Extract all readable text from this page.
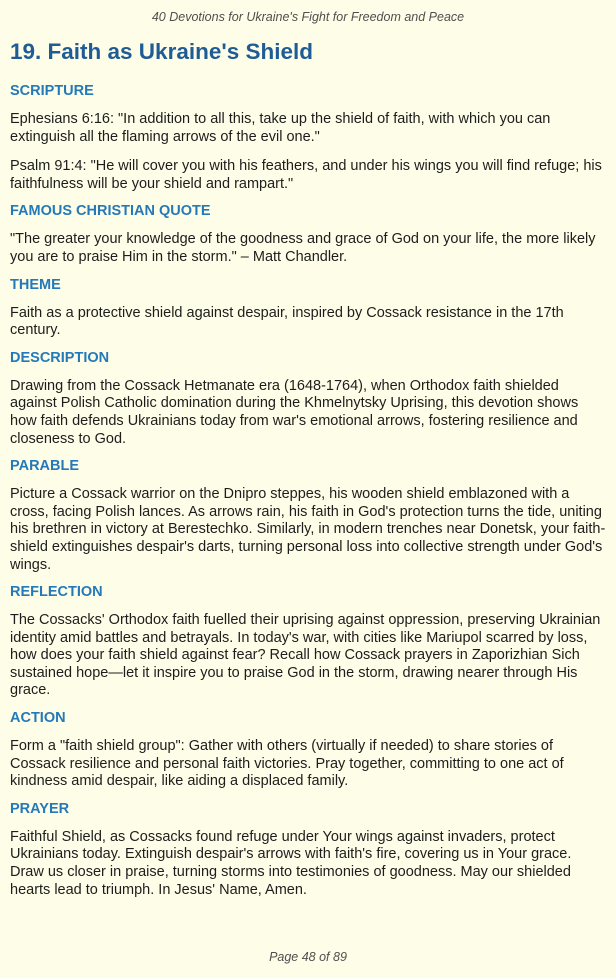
40 Devotions for Ukraine's Fight for Freedom and Peace
19. Faith as Ukraine's Shield
SCRIPTURE

Ephesians 6:16: "In addition to all this, take up the shield of faith, with which you can extinguish all the flaming arrows of the evil one."

Psalm 91:4: "He will cover you with his feathers, and under his wings you will find refuge; his faithfulness will be your shield and rampart."

FAMOUS CHRISTIAN QUOTE

"The greater your knowledge of the goodness and grace of God on your life, the more likely you are to praise Him in the storm." – Matt Chandler.

THEME

Faith as a protective shield against despair, inspired by Cossack resistance in the 17th century.

DESCRIPTION

Drawing from the Cossack Hetmanate era (1648-1764), when Orthodox faith shielded against Polish Catholic domination during the Khmelnytsky Uprising, this devotion shows how faith defends Ukrainians today from war's emotional arrows, fostering resilience and closeness to God.

PARABLE

Picture a Cossack warrior on the Dnipro steppes, his wooden shield emblazoned with a cross, facing Polish lances. As arrows rain, his faith in God's protection turns the tide, uniting his brethren in victory at Berestechko. Similarly, in modern trenches near Donetsk, your faith-shield extinguishes despair's darts, turning personal loss into collective strength under God's wings.

REFLECTION

The Cossacks' Orthodox faith fuelled their uprising against oppression, preserving Ukrainian identity amid battles and betrayals. In today's war, with cities like Mariupol scarred by loss, how does your faith shield against fear? Recall how Cossack prayers in Zaporizhian Sich sustained hope—let it inspire you to praise God in the storm, drawing nearer through His grace.

ACTION

Form a "faith shield group": Gather with others (virtually if needed) to share stories of Cossack resilience and personal faith victories. Pray together, committing to one act of kindness amid despair, like aiding a displaced family.

PRAYER

Faithful Shield, as Cossacks found refuge under Your wings against invaders, protect Ukrainians today. Extinguish despair's arrows with faith's fire, covering us in Your grace. Draw us closer in praise, turning storms into testimonies of goodness. May our shielded hearts lead to triumph. In Jesus' Name, Amen.

Page 48 of 89
